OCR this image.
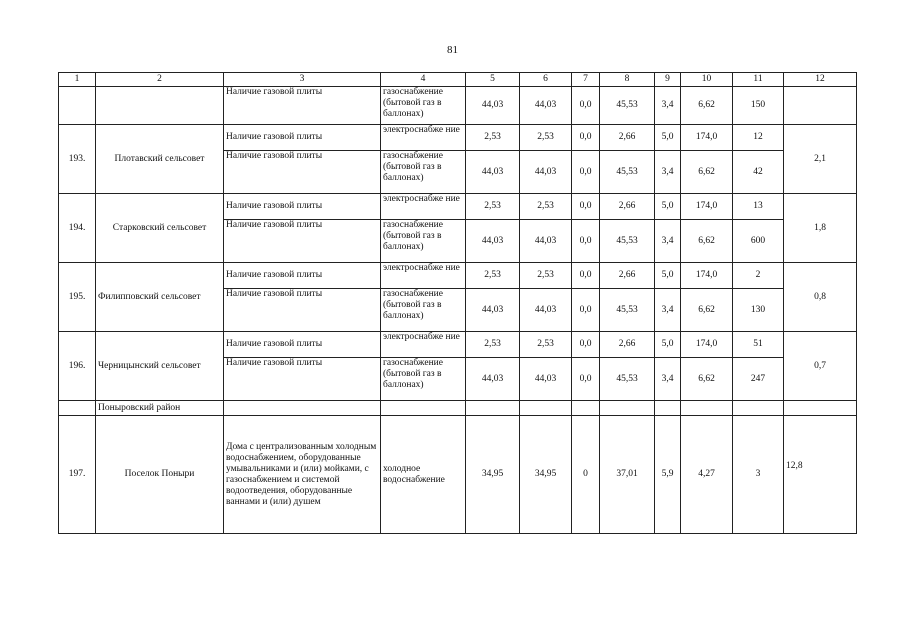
81
1	2	3	4	5	6	7	8	9	10	11	12
		Наличие газовой плиты	газоснабжение (бытовой газ в баллонах)	44,03	44,03	0,0	45,53	3,4	6,62	150	
193.	Плотавский сельсовет	Наличие газовой плиты	электроснабже ние	2,53	2,53	0,0	2,66	5,0	174,0	12	2,1
		Наличие газовой плиты	газоснабжение (бытовой газ в баллонах)	44,03	44,03	0,0	45,53	3,4	6,62	42	
194.	Старковский сельсовет	Наличие газовой плиты	электроснабже ние	2,53	2,53	0,0	2,66	5,0	174,0	13	1,8
		Наличие газовой плиты	газоснабжение (бытовой газ в баллонах)	44,03	44,03	0,0	45,53	3,4	6,62	600	
195.	Филипповский сельсовет	Наличие газовой плиты	электроснабже ние	2,53	2,53	0,0	2,66	5,0	174,0	2	0,8
		Наличие газовой плиты	газоснабжение (бытовой газ в баллонах)	44,03	44,03	0,0	45,53	3,4	6,62	130	
196.	Черницынский сельсовет	Наличие газовой плиты	электроснабже ние	2,53	2,53	0,0	2,66	5,0	174,0	51	0,7
		Наличие газовой плиты	газоснабжение (бытовой газ в баллонах)	44,03	44,03	0,0	45,53	3,4	6,62	247	
	Поныровский район										
197.	Поселок Поныри	Дома с централизованным холодным водоснабжением, оборудованные умывальниками и (или) мойками, с газоснабжением и системой водоотведения, оборудованные ваннами и (или) душем	холодное водоснабжение	34,95	34,95	0	37,01	5,9	4,27	3	12,8
